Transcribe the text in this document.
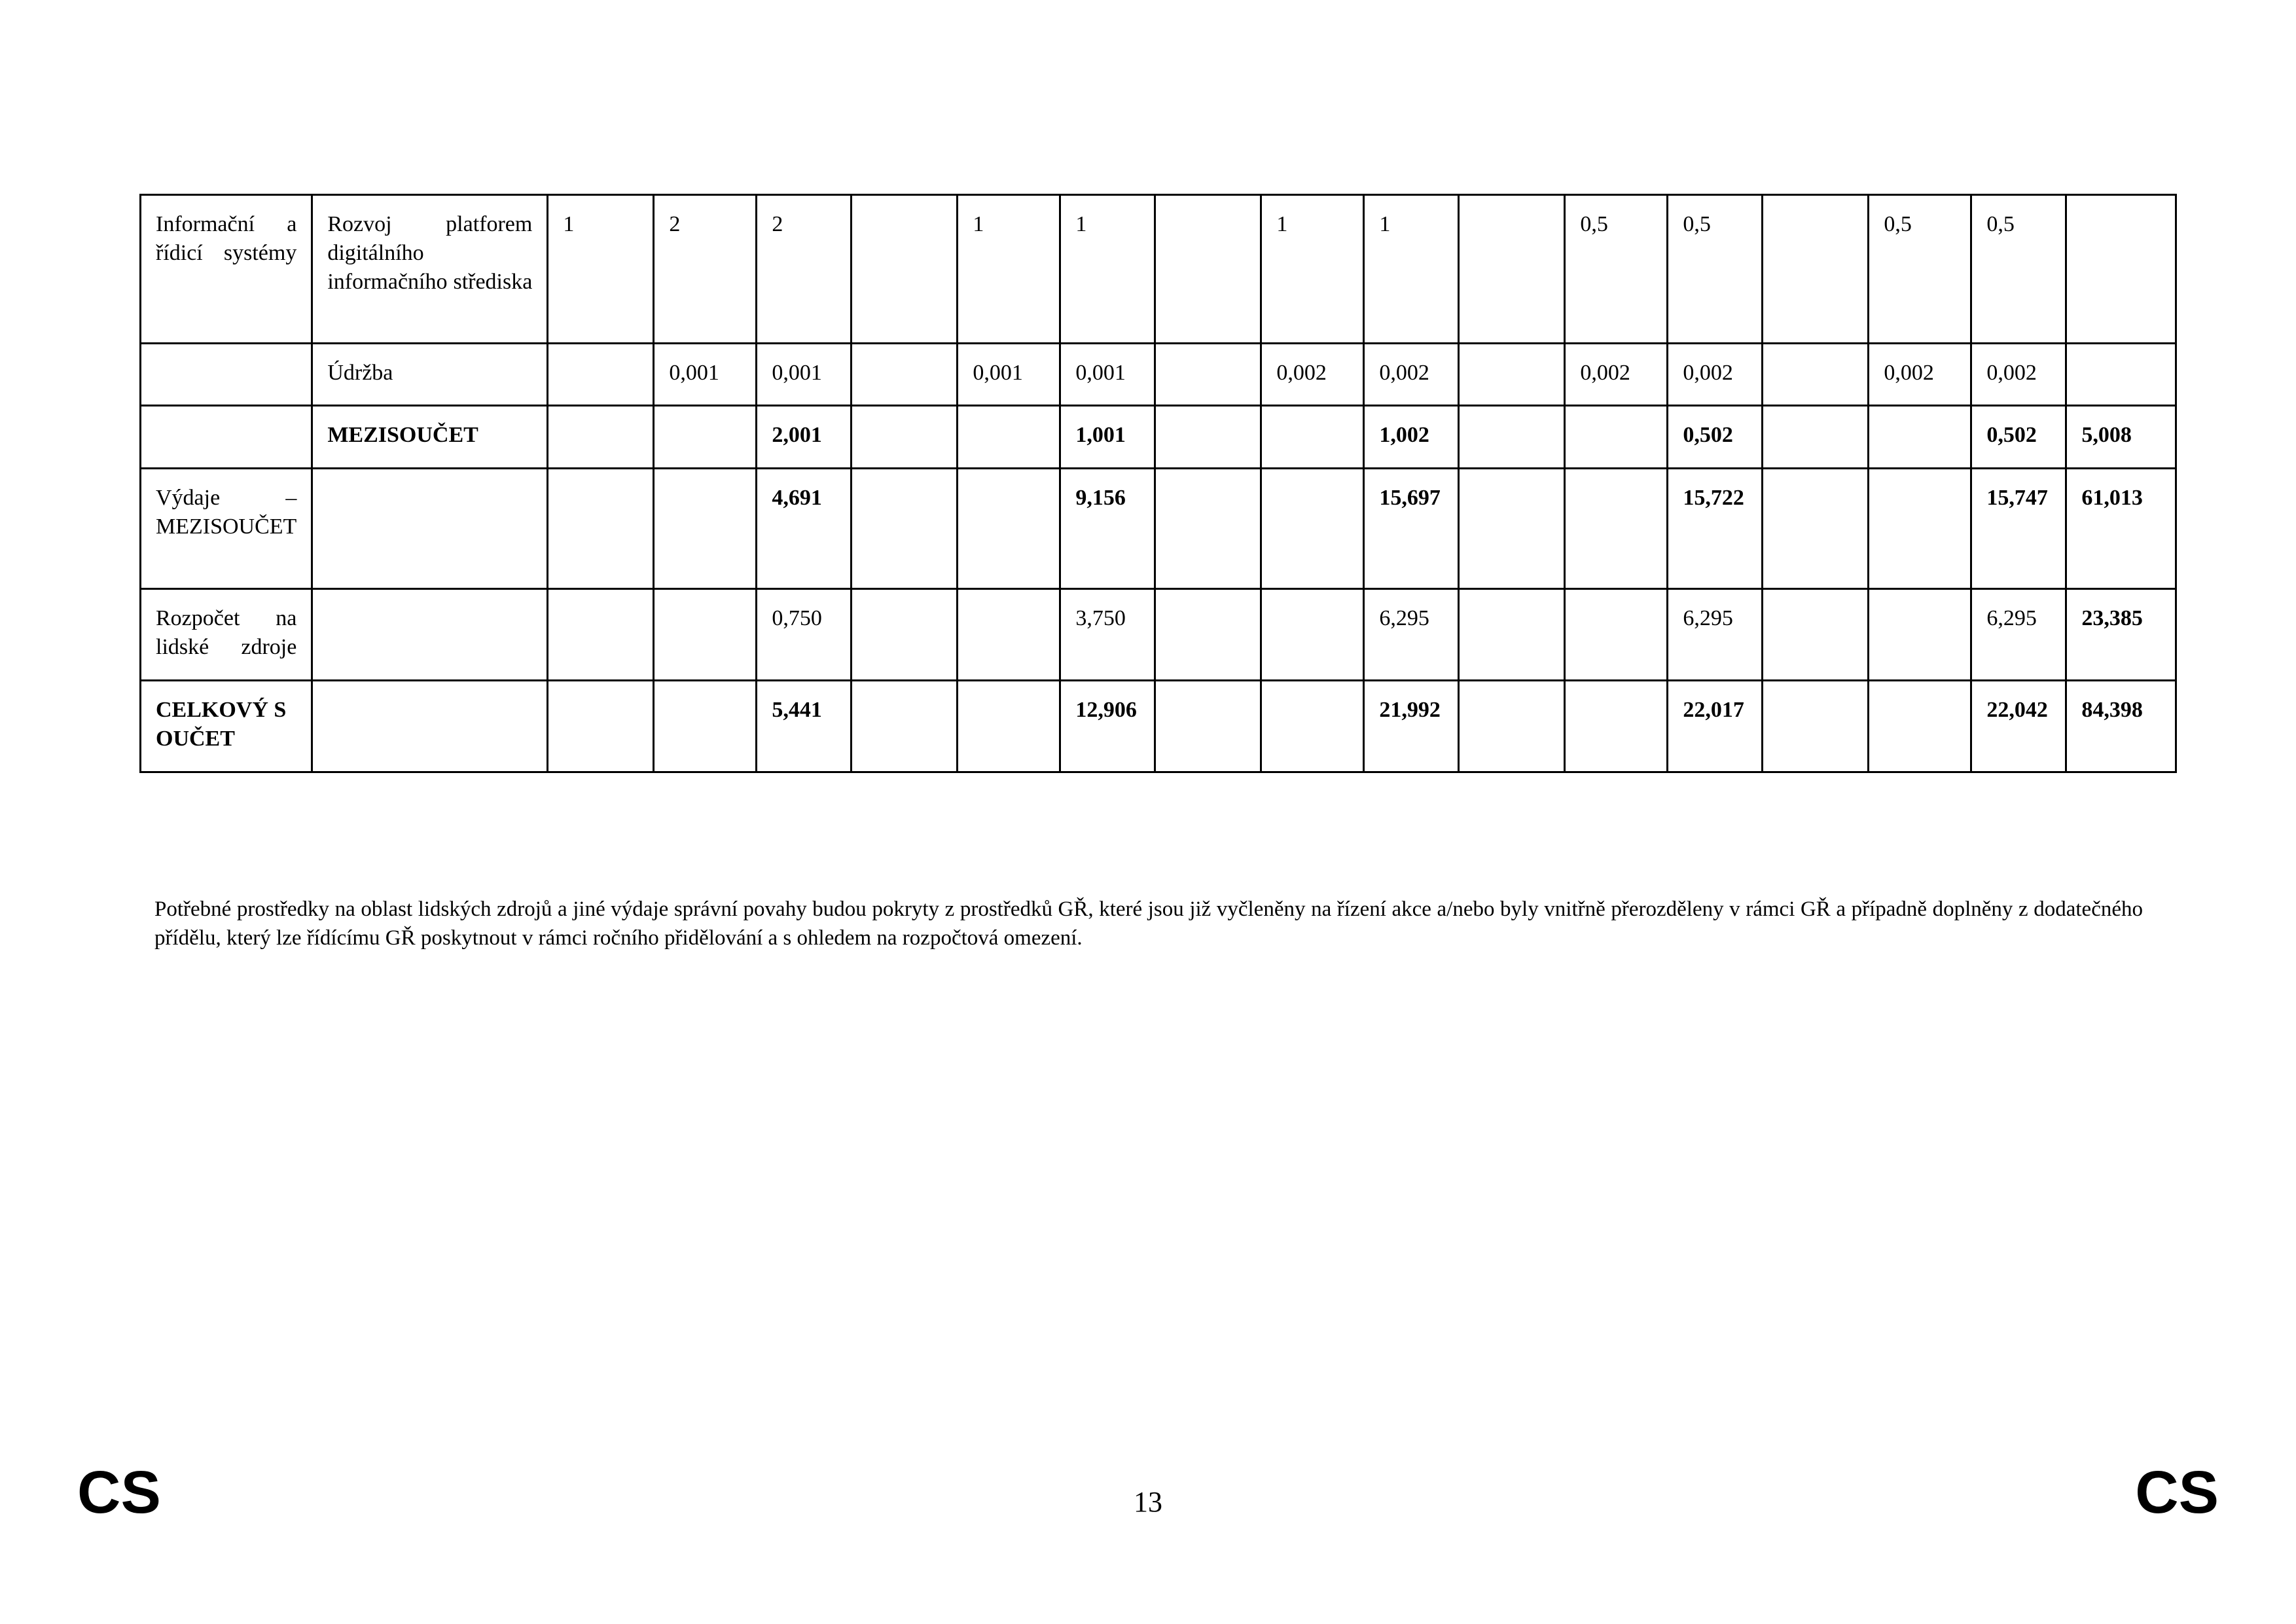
Informační a řídicí systémy	Rozvoj platforem digitálního informačního střediska	1	2	2		1	1		1	1		0,5	0,5		0,5	0,5	
	Údržba		0,001	0,001		0,001	0,001		0,002	0,002		0,002	0,002		0,002	0,002	
	MEZISOUČET			2,001			1,001			1,002			0,502			0,502	5,008
Výdaje – MEZISOUČET				4,691			9,156			15,697			15,722			15,747	61,013
Rozpočet na lidské zdroje				0,750			3,750			6,295			6,295			6,295	23,385
CELKOVÝ SOUČET				5,441			12,906			21,992			22,017			22,042	84,398

Potřebné prostředky na oblast lidských zdrojů a jiné výdaje správní povahy budou pokryty z prostředků GŘ, které jsou již vyčleněny na řízení akce a/nebo byly vnitřně přerozděleny v rámci GŘ a případně doplněny z dodatečného přídělu, který lze řídícímu GŘ poskytnout v rámci ročního přidělování a s ohledem na rozpočtová omezení.

CS	13	CS
